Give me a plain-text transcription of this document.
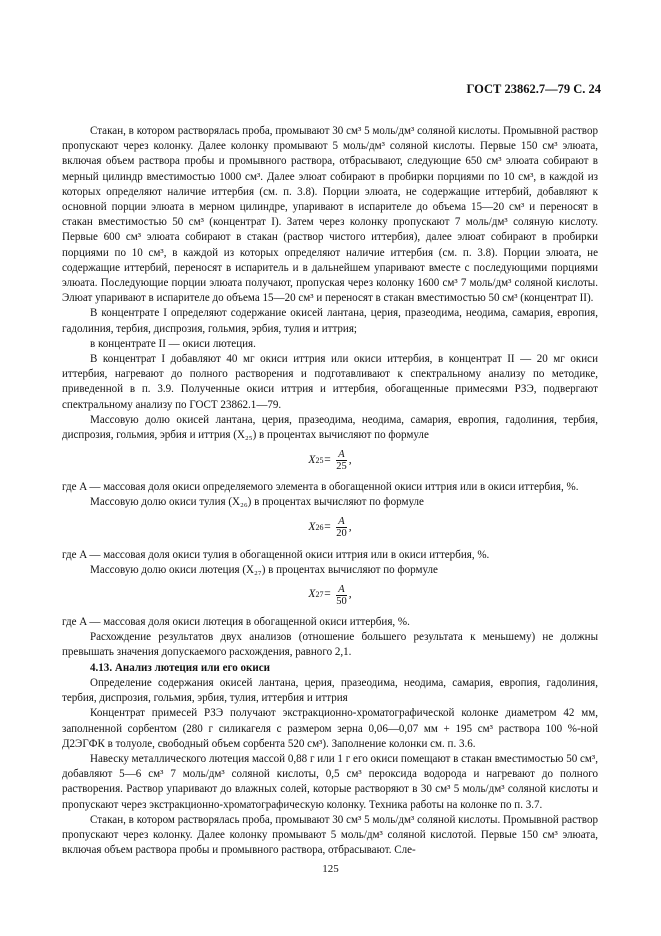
ГОСТ 23862.7—79 С. 24

Стакан, в котором растворялась проба, промывают 30 см³ 5 моль/дм³ соляной кислоты. Промывной раствор пропускают через колонку. Далее колонку промывают 5 моль/дм³ соляной кислоты. Первые 150 см³ элюата, включая объем раствора пробы и промывного раствора, отбрасывают, следующие 650 см³ элюата собирают в мерный цилиндр вместимостью 1000 см³. Далее элюат собирают в пробирки порциями по 10 см³, в каждой из которых определяют наличие иттербия (см. п. 3.8). Порции элюата, не содержащие иттербий, добавляют к основной порции элюата в мерном цилиндре, упаривают в испарителе до объема 15—20 см³ и переносят в стакан вместимостью 50 см³ (концентрат I). Затем через колонку пропускают 7 моль/дм³ соляную кислоту. Первые 600 см³ элюата собирают в стакан (раствор чистого иттербия), далее элюат собирают в пробирки порциями по 10 см³, в каждой из которых определяют наличие иттербия (см. п. 3.8). Порции элюата, не содержащие иттербий, переносят в испаритель и в дальнейшем упаривают вместе с последующими порциями элюата. Последующие порции элюата получают, пропуская через колонку 1600 см³ 7 моль/дм³ соляной кислоты. Элюат упаривают в испарителе до объема 15—20 см³ и переносят в стакан вместимостью 50 см³ (концентрат II).

В концентрате I определяют содержание окисей лантана, церия, празеодима, неодима, самария, европия, гадолиния, тербия, диспрозия, гольмия, эрбия, тулия и иттрия;

в концентрате II — окиси лютеция.

В концентрат I добавляют 40 мг окиси иттрия или окиси иттербия, в концентрат II — 20 мг окиси иттербия, нагревают до полного растворения и подготавливают к спектральному анализу по методике, приведенной в п. 3.9. Полученные окиси иттрия и иттербия, обогащенные примесями РЗЭ, подвергают спектральному анализу по ГОСТ 23862.1—79.

Массовую долю окисей лантана, церия, празеодима, неодима, самария, европия, гадолиния, тербия, диспрозия, гольмия, эрбия и иттрия (X₂₅) в процентах вычисляют по формуле

X $25 = \frac{A}{25}$ ,

где A — массовая доля окиси определяемого элемента в обогащенной окиси иттрия или в окиси иттербия, %.

Массовую долю окиси тулия (X₂₆) в процентах вычисляют по формуле

X $26 = \frac{A}{20}$ ,

где A — массовая доля окиси тулия в обогащенной окиси иттрия или в окиси иттербия, %.

Массовую долю окиси лютеция (X₂₇) в процентах вычисляют по формуле

X $27 = \frac{A}{50}$ ,

где A — массовая доля окиси лютеция в обогащенной окиси иттербия, %.

Расхождение результатов двух анализов (отношение большего результата к меньшему) не должны превышать значения допускаемого расхождения, равного 2,1.

4.13. Анализ лютеция или его окиси

Определение содержания окисей лантана, церия, празеодима, неодима, самария, европия, гадолиния, тербия, диспрозия, гольмия, эрбия, тулия, иттербия и иттрия

Концентрат примесей РЗЭ получают экстракционно-хроматографической колонке диаметром 42 мм, заполненной сорбентом (280 г силикагеля с размером зерна 0,06—0,07 мм + 195 см³ раствора 100 %-ной Д2ЭГФК в толуоле, свободный объем сорбента 520 см³). Заполнение колонки см. п. 3.6.

Навеску металлического лютеция массой 0,88 г или 1 г его окиси помещают в стакан вместимостью 50 см³, добавляют 5—6 см³ 7 моль/дм³ соляной кислоты, 0,5 см³ пероксида водорода и нагревают до полного растворения. Раствор упаривают до влажных солей, которые растворяют в 30 см³ 5 моль/дм³ соляной кислоты и пропускают через экстракционно-хроматографическую колонку. Техника работы на колонке по п. 3.7.

Стакан, в котором растворялась проба, промывают 30 см³ 5 моль/дм³ соляной кислоты. Промывной раствор пропускают через колонку. Далее колонку промывают 5 моль/дм³ соляной кислотой. Первые 150 см³ элюата, включая объем раствора пробы и промывного раствора, отбрасывают. Сле-

125
